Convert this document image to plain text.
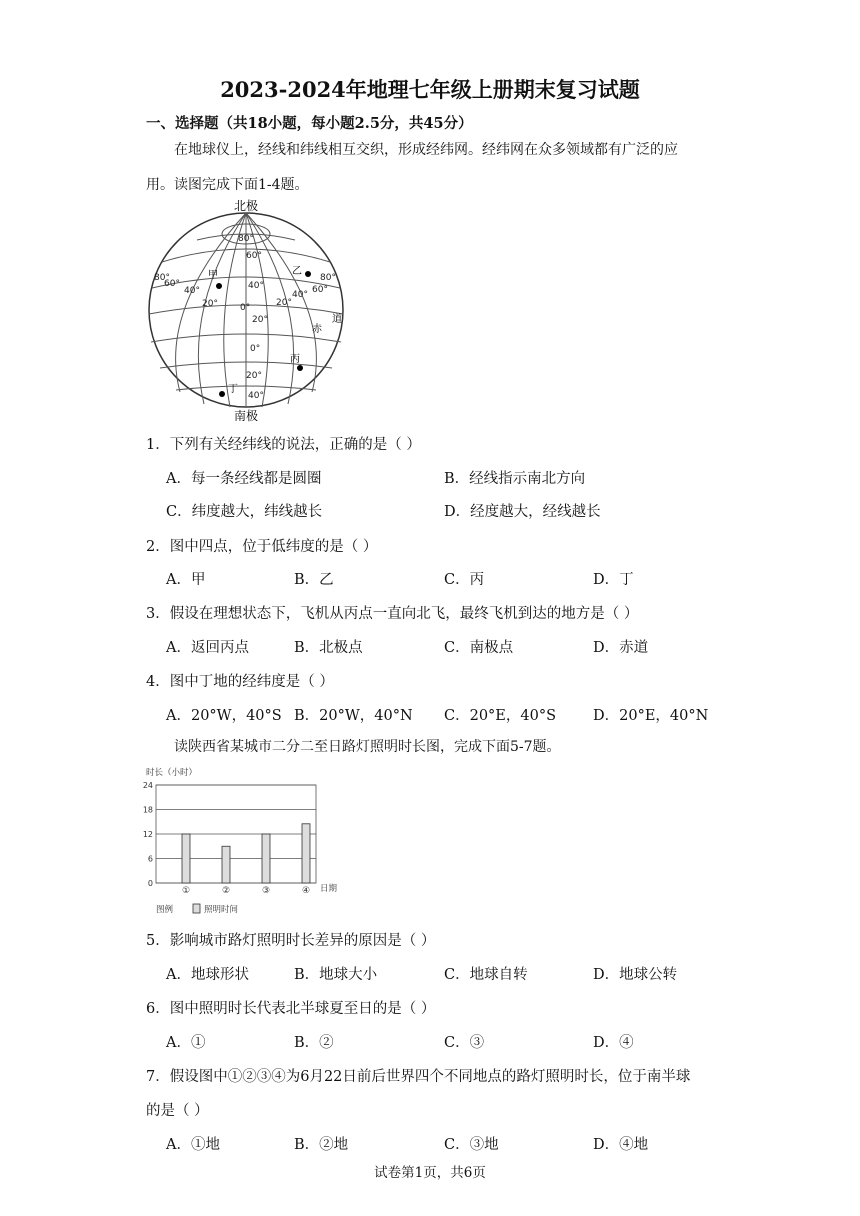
2023-2024年地理七年级上册期末复习试题
一、选择题（共18小题，每小题2.5分，共45分）
在地球仪上，经线和纬线相互交织，形成经纬网。经纬网在众多领域都有广泛的应
用。读图完成下面1-4题。
北极
80°
60°
40°
20°
0°
20°
40°
80°
60°
40°
20°
80°
60°
40°
20°
0°
赤
道
甲	乙
丙
丁
南极
1．下列有关经纬线的说法，正确的是（ ）
A．每一条经线都是圆圈	B．经线指示南北方向
C．纬度越大，纬线越长	D．经度越大，经线越长
2．图中四点，位于低纬度的是（ ）
A．甲	B．乙	C．丙	D．丁
3．假设在理想状态下，飞机从丙点一直向北飞，最终飞机到达的地方是（ ）
A．返回丙点	B．北极点	C．南极点	D．赤道
4．图中丁地的经纬度是（ ）
A．20°W，40°S B．20°W，40°N C．20°E，40°S	D．20°E，40°N
读陕西省某城市二分二至日路灯照明时长图，完成下面5-7题。
时长（小时）
0
6
12
18
24
①	②	③	④ 日期
图例	照明时间
5．影响城市路灯照明时长差异的原因是（ ）
A．地球形状	B．地球大小	C．地球自转	D．地球公转
6．图中照明时长代表北半球夏至日的是（ ）
A．①	B．②	C．③	D．④
7．假设图中①②③④为6月22日前后世界四个不同地点的路灯照明时长，位于南半球
的是（ ）
A．①地	B．②地	C．③地	D．④地
试卷第1页，共6页
